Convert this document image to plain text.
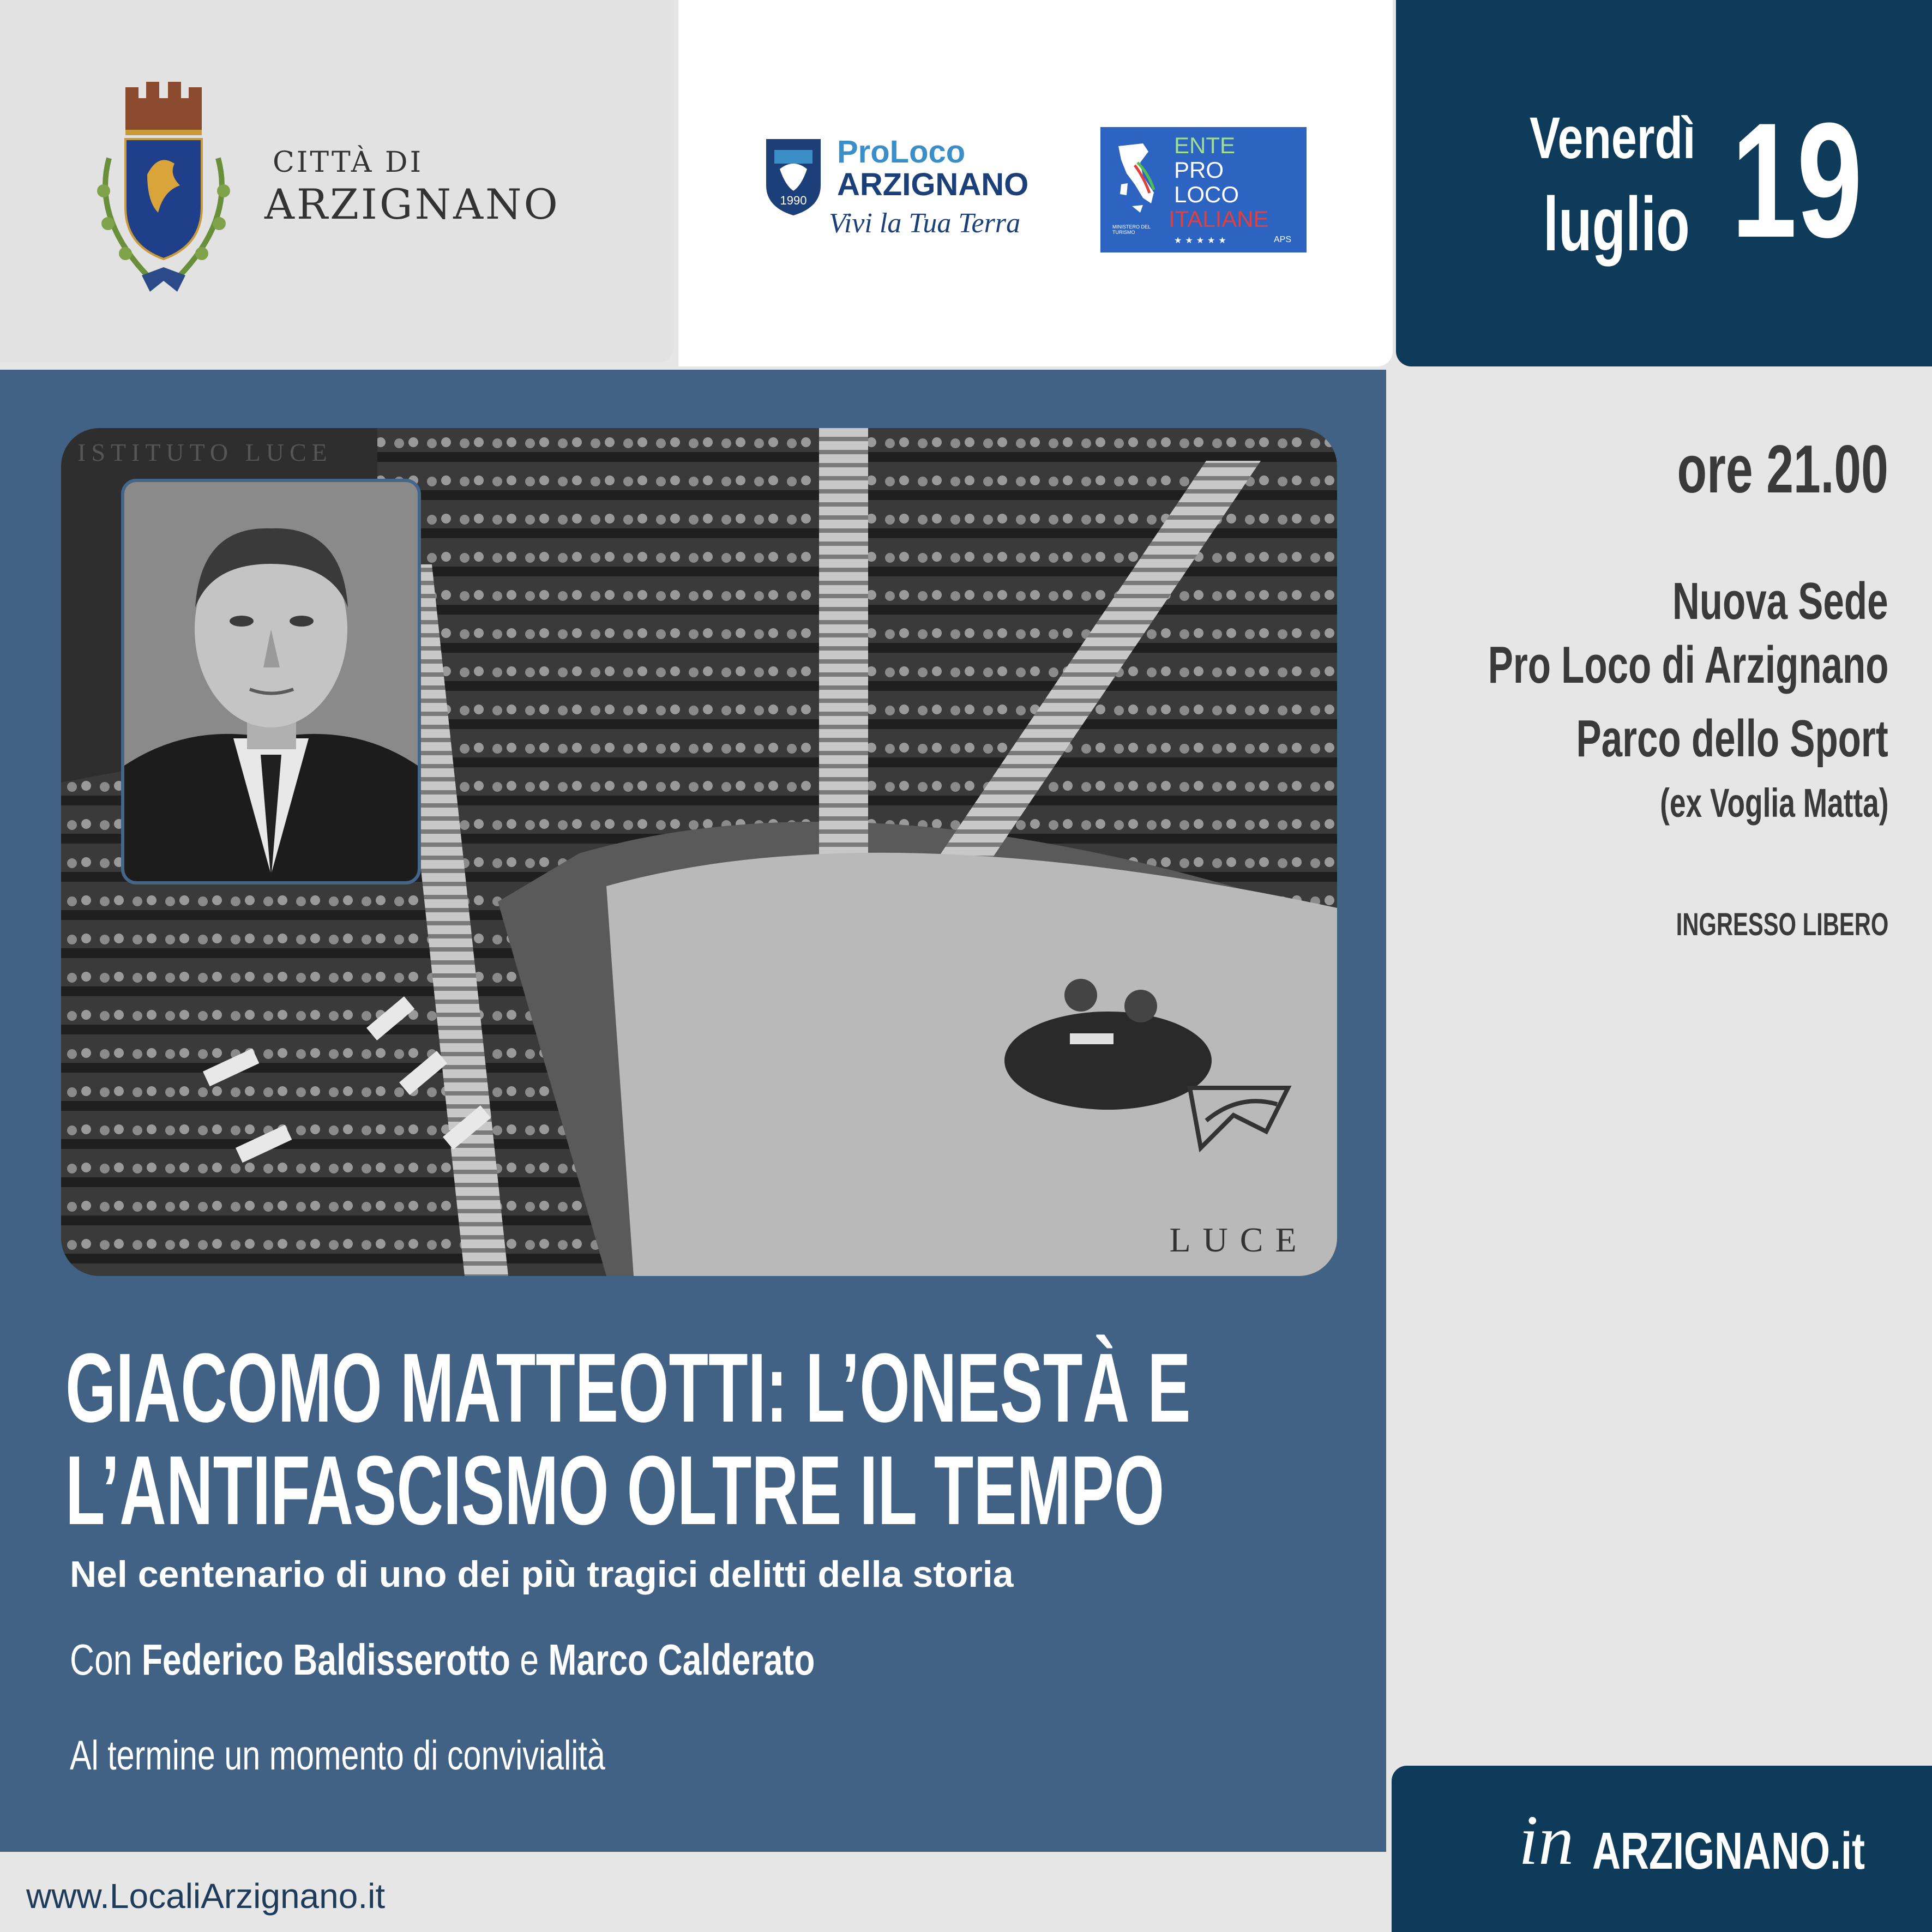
CITTÀ DI
ARZIGNANO	1990
ProLoco
ARZIGNANO
Vivi la Tua Terra
ENTE
PRO
LOCO
ITALIANE
MINISTERO DEL TURISMO
★★★★★	APS
Venerdì
luglio 19
LUCE
ISTITUTO LUCE
GIACOMO MATTEOTTI: L’ONESTÀ E
L’ANTIFASCISMO OLTRE IL TEMPO
Nel centenario di uno dei più tragici delitti della storia
Con Federico Baldisserotto e Marco Calderato
Al termine un momento di convivialità
ore 21.00
Nuova Sede
Pro Loco di Arzignano
Parco dello Sport
(ex Voglia Matta)
INGRESSO LIBERO
in ARZIGNANO.it
www.LocaliArzignano.it
